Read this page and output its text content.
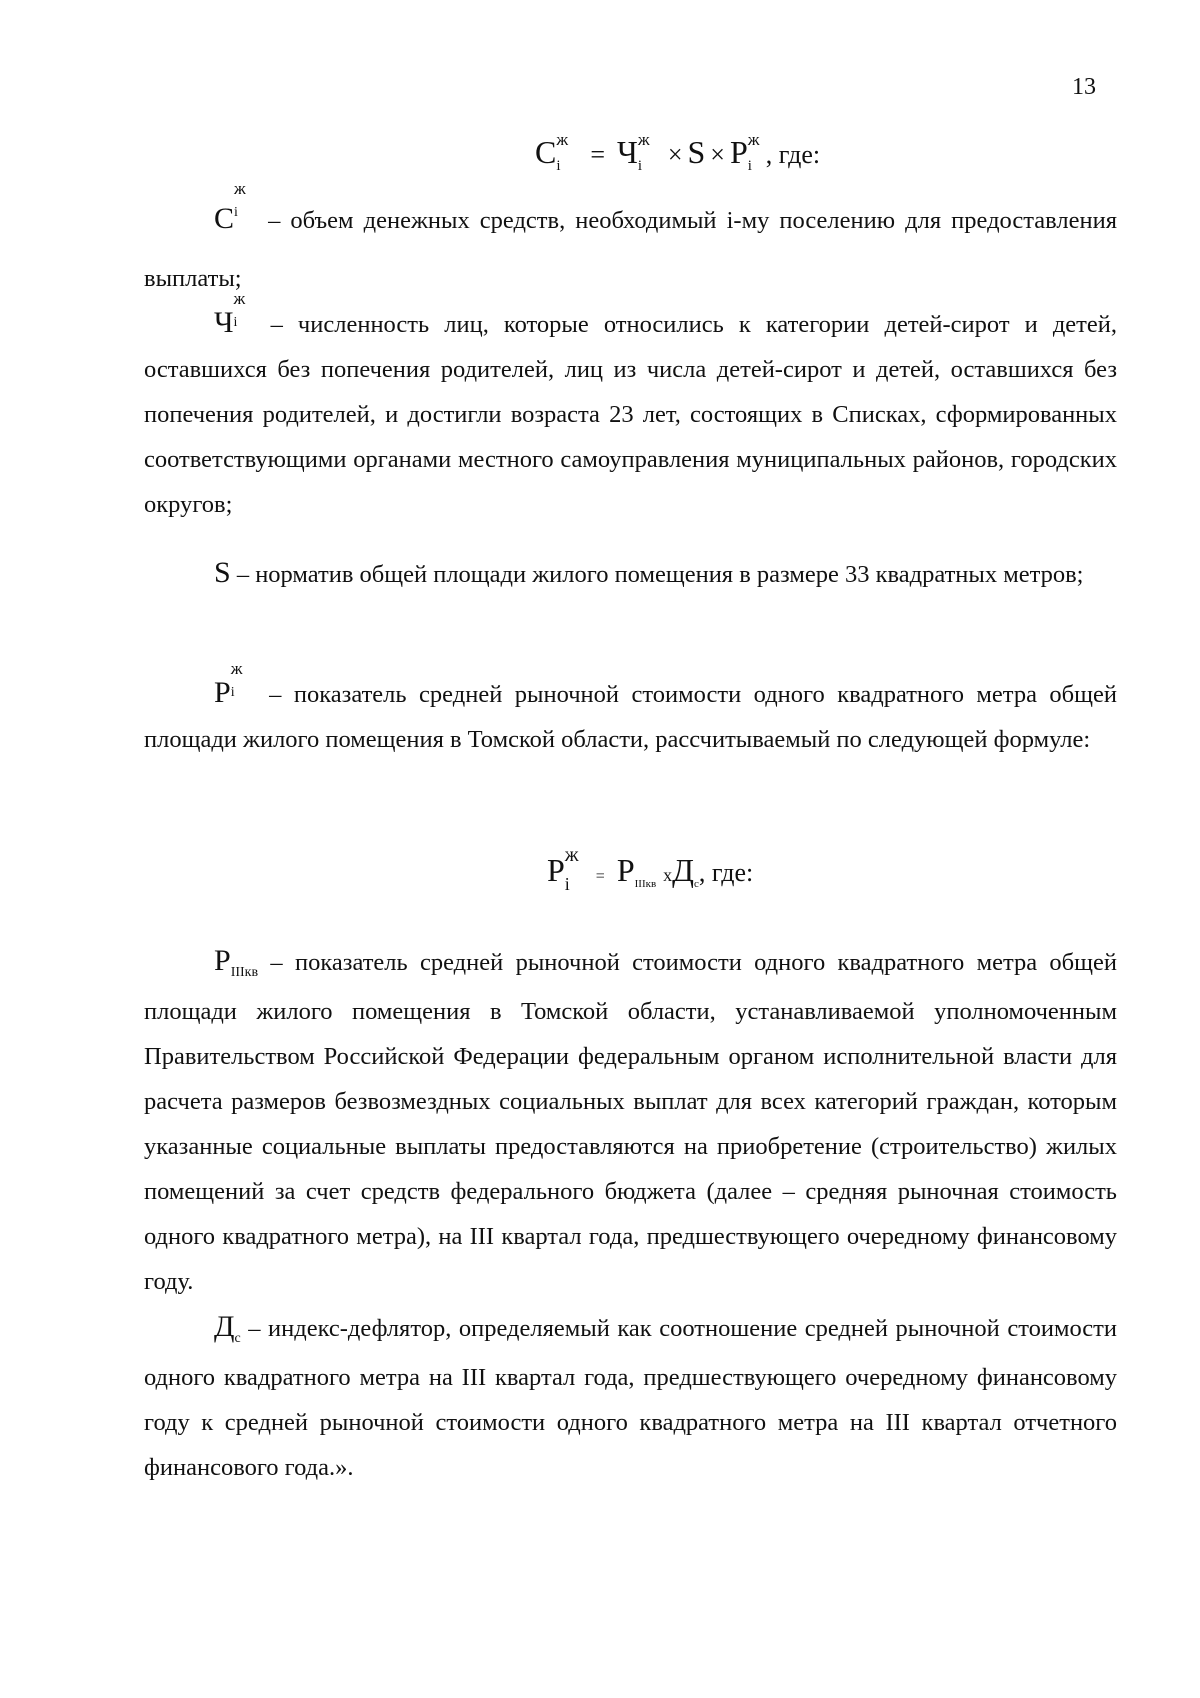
13
С ж
i = Ч ж
i × S × Р ж
i , где:
С
ж
i – объем денежных средств, необходимый i-му поселению для предоставления выплаты;
Ч
ж
i – численность лиц, которые относились к категории детей-сирот и детей, оставшихся без попечения родителей, лиц из числа детей-сирот и детей, оставшихся без попечения родителей, и достигли возраста 23 лет, состоящих в Списках, сформированных соответствующими органами местного самоуправления муниципальных районов, городских округов;
S – норматив общей площади жилого помещения в размере 33 квадратных метров;
Р
ж
i – показатель средней рыночной стоимости одного квадратного метра общей площади жилого помещения в Томской области, рассчитываемый по следующей формуле:
Р ж
$i = Р_{IIIкв}$ $хД_с$, где:
$Р_{IIIкв}$ – показатель средней рыночной стоимости одного квадратного метра общей площади жилого помещения в Томской области, устанавливаемой уполномоченным Правительством Российской Федерации федеральным органом исполнительной власти для расчета размеров безвозмездных социальных выплат для всех категорий граждан, которым указанные социальные выплаты предоставляются на приобретение (строительство) жилых помещений за счет средств федерального бюджета (далее – средняя рыночная стоимость одного квадратного метра), на III квартал года, предшествующего очередному финансовому году.
$Д_с$ – индекс-дефлятор, определяемый как соотношение средней рыночной стоимости одного квадратного метра на III квартал года, предшествующего очередному финансовому году к средней рыночной стоимости одного квадратного метра на III квартал отчетного финансового года.».
